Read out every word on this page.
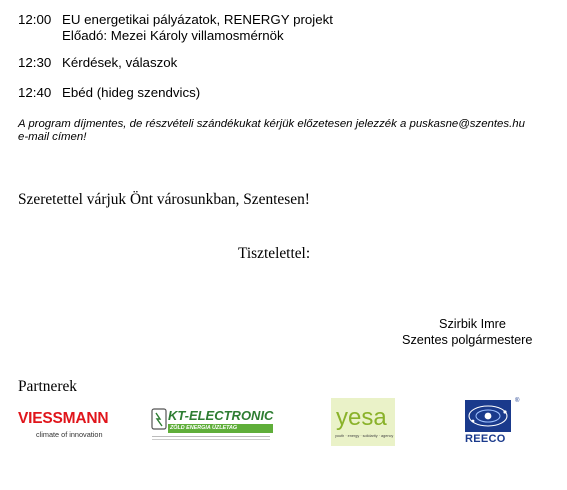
12:00 EU energetikai pályázatok, RENERGY projekt
Előadó: Mezei Károly villamosmérnök
12:30 Kérdések, válaszok
12:40 Ebéd (hideg szendvics)
A program díjmentes, de részvételi szándékukat kérjük előzetesen jelezzék a puskasne@szentes.hu
e-mail címen!
Szeretettel várjuk Önt városunkban, Szentesen!
Tisztelettel:
Szirbik Imre
Szentes polgármestere
Partnerek
VIESSMANN
climate of innovation
KT-ELECTRONIC
ZÖLD ENERGIA ÜZLETAG	yesa
youth · energy · solidarity · agency
®
REECO
